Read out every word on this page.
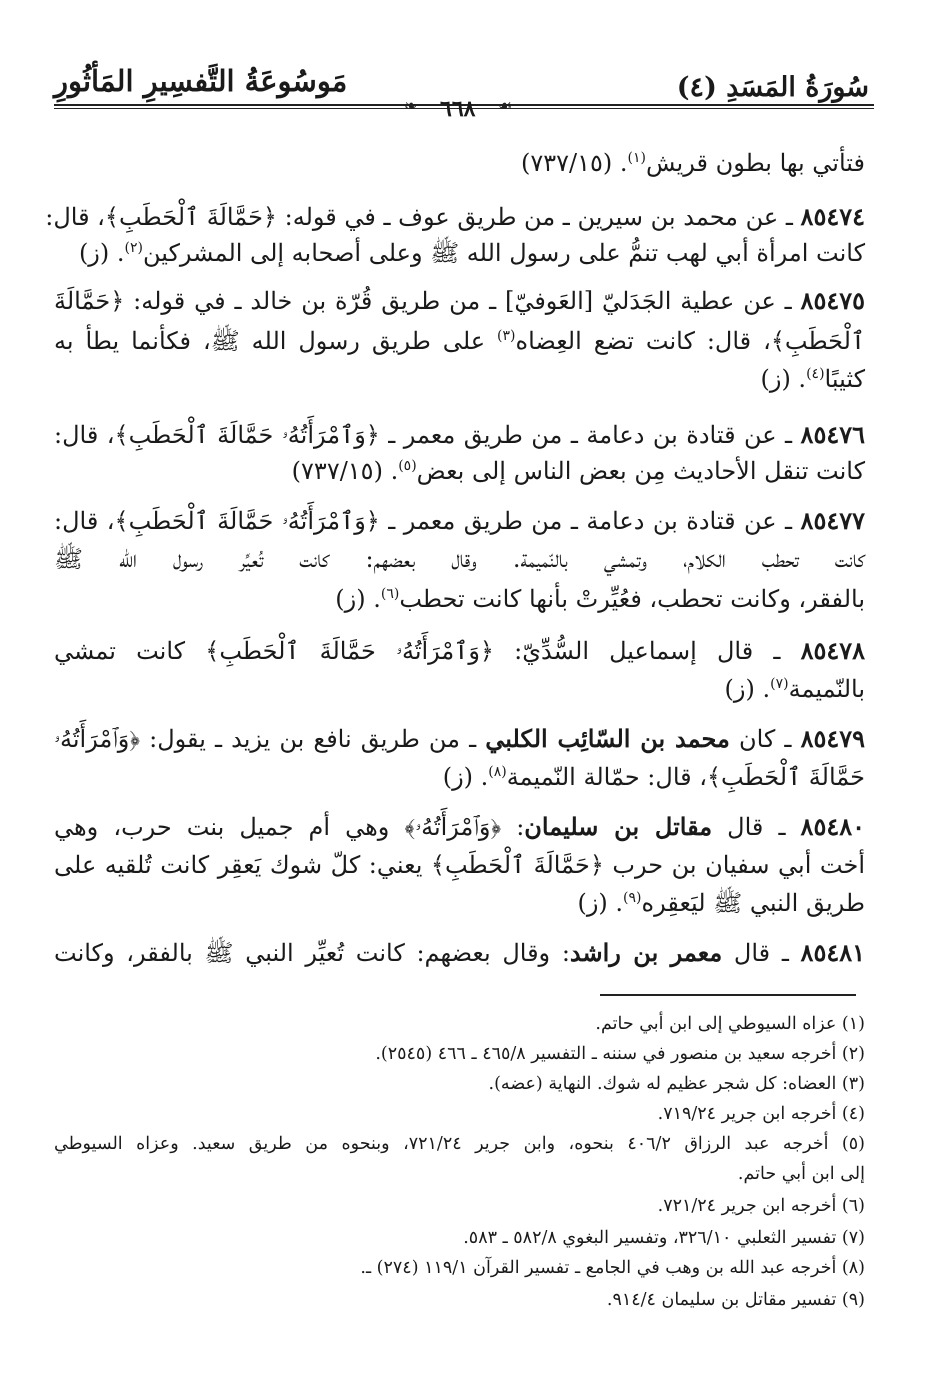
سُورَةُ المَسَدِ (٤)
مَوسُوعَةُ التَّفسِيرِ المَأثُورِ
❧ ٦٦٨ ☙
فتأتي بها بطون قريش$^{(١)}$. (٧٣٧/١٥)
٨٥٤٧٤ ـ عن محمد بن سيرين ـ من طريق عوف ـ في قوله: ﴿حَمَّالَةَ ٱلْحَطَبِ﴾، قال:
كانت امرأة أبي لهب تنمُّ على رسول الله ﷺ وعلى أصحابه إلى المشركين$^{(٢)}$. (ز)
٨٥٤٧٥ ـ عن عطية الجَدَليّ [العَوفيّ] ـ من طريق قُرّة بن خالد ـ في قوله: ﴿حَمَّالَةَ
ٱلْحَطَبِ﴾، قال: كانت تضع العِضاه$^{(٣)}$ على طريق رسول الله ﷺ، فكأنما يطأ به
كثيبًا$^{(٤)}$. (ز)
٨٥٤٧٦ ـ عن قتادة بن دعامة ـ من طريق معمر ـ ﴿وَٱمْرَأَتُهُۥ حَمَّالَةَ ٱلْحَطَبِ﴾، قال:
كانت تنقل الأحاديث مِن بعض الناس إلى بعض$^{(٥)}$. (٧٣٧/١٥)
٨٥٤٧٧ ـ عن قتادة بن دعامة ـ من طريق معمر ـ ﴿وَٱمْرَأَتُهُۥ حَمَّالَةَ ٱلْحَطَبِ﴾، قال:
كانت تحطب الكلام، وتمشي بالنّميمة. وقال بعضهم: كانت تُعيِّر رسول الله ﷺ
بالفقر، وكانت تحطب، فعُيِّرتْ بأنها كانت تحطب$^{(٦)}$. (ز)
٨٥٤٧٨ ـ قال إسماعيل السُّدِّيّ: ﴿وَٱمْرَأَتُهُۥ حَمَّالَةَ ٱلْحَطَبِ﴾ كانت تمشي
بالنّميمة$^{(٧)}$. (ز)
٨٥٤٧٩ ـ كان محمد بن السّائِب الكلبي ـ من طريق نافع بن يزيد ـ يقول: ﴿وَٱمْرَأَتُهُۥ
حَمَّالَةَ ٱلْحَطَبِ﴾، قال: حمّالة النّميمة$^{(٨)}$. (ز)
٨٥٤٨٠ ـ قال مقاتل بن سليمان: ﴿وَٱمْرَأَتُهُۥ﴾ وهي أم جميل بنت حرب، وهي
أخت أبي سفيان بن حرب ﴿حَمَّالَةَ ٱلْحَطَبِ﴾ يعني: كلّ شوك يَعقِر كانت تُلقيه على
طريق النبي ﷺ ليَعقِره$^{(٩)}$. (ز)
٨٥٤٨١ ـ قال معمر بن راشد: وقال بعضهم: كانت تُعيِّر النبي ﷺ بالفقر، وكانت
(١) عزاه السيوطي إلى ابن أبي حاتم.
(٢) أخرجه سعيد بن منصور في سننه ـ التفسير ٤٦٥/٨ ـ ٤٦٦ (٢٥٤٥).
(٣) العضاه: كل شجر عظيم له شوك. النهاية (عضه).
(٤) أخرجه ابن جرير ٧١٩/٢٤.
(٥) أخرجه عبد الرزاق ٤٠٦/٢ بنحوه، وابن جرير ٧٢١/٢٤، وبنحوه من طريق سعيد. وعزاه السيوطي
إلى ابن أبي حاتم.
(٦) أخرجه ابن جرير ٧٢١/٢٤.
(٧) تفسير الثعلبي ٣٢٦/١٠، وتفسير البغوي ٥٨٢/٨ ـ ٥٨٣.
(٨) أخرجه عبد الله بن وهب في الجامع ـ تفسير القرآن ١١٩/١ (٢٧٤) ـ.
(٩) تفسير مقاتل بن سليمان ٩١٤/٤.
